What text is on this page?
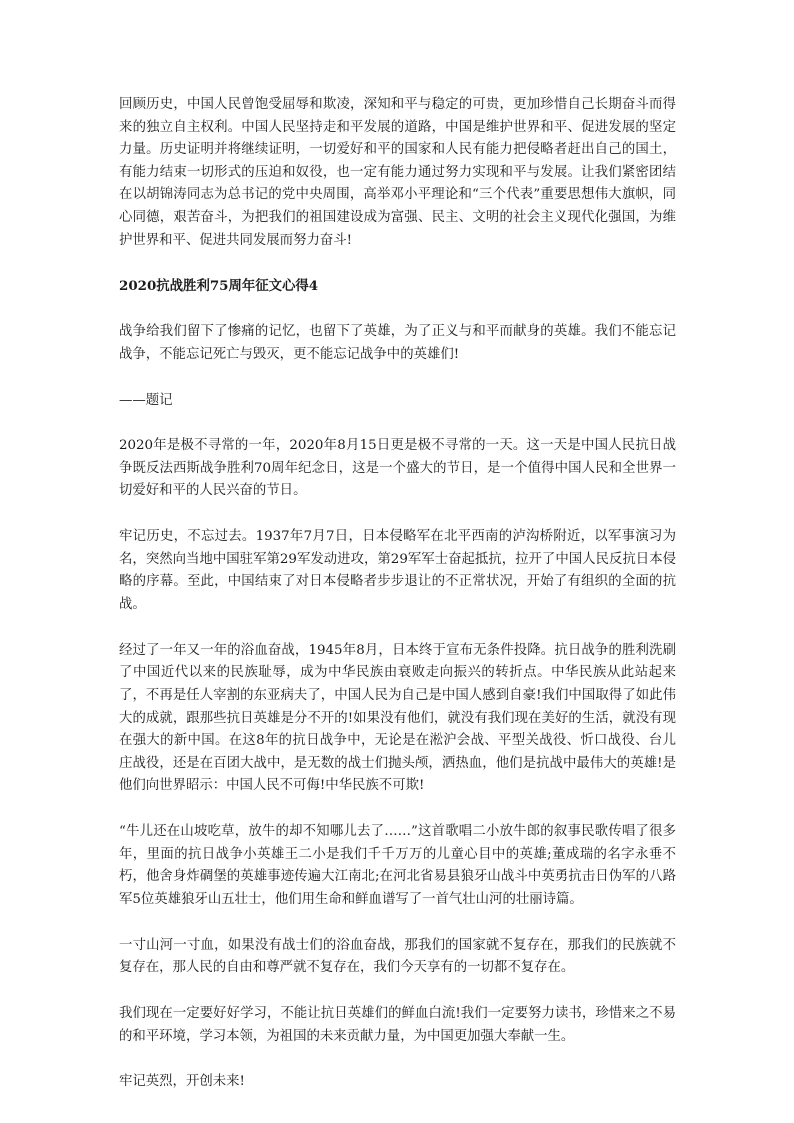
回顾历史，中国人民曾饱受屈辱和欺凌，深知和平与稳定的可贵，更加珍惜自己长期奋斗而得来的独立自主权利。中国人民坚持走和平发展的道路，中国是维护世界和平、促进发展的坚定力量。历史证明并将继续证明，一切爱好和平的国家和人民有能力把侵略者赶出自己的国土，有能力结束一切形式的压迫和奴役，也一定有能力通过努力实现和平与发展。让我们紧密团结在以胡锦涛同志为总书记的党中央周围，高举邓小平理论和“三个代表”重要思想伟大旗帜，同心同德，艰苦奋斗，为把我们的祖国建设成为富强、民主、文明的社会主义现代化强国，为维护世界和平、促进共同发展而努力奋斗!

2020抗战胜利75周年征文心得4

战争给我们留下了惨痛的记忆，也留下了英雄，为了正义与和平而献身的英雄。我们不能忘记战争，不能忘记死亡与毁灭，更不能忘记战争中的英雄们!

——题记

2020年是极不寻常的一年，2020年8月15日更是极不寻常的一天。这一天是中国人民抗日战争既反法西斯战争胜利70周年纪念日，这是一个盛大的节日，是一个值得中国人民和全世界一切爱好和平的人民兴奋的节日。

牢记历史，不忘过去。1937年7月7日，日本侵略军在北平西南的泸沟桥附近，以军事演习为名，突然向当地中国驻军第29军发动进攻，第29军军士奋起抵抗，拉开了中国人民反抗日本侵略的序幕。至此，中国结束了对日本侵略者步步退让的不正常状况，开始了有组织的全面的抗战。

经过了一年又一年的浴血奋战，1945年8月，日本终于宣布无条件投降。抗日战争的胜利洗刷了中国近代以来的民族耻辱，成为中华民族由衰败走向振兴的转折点。中华民族从此站起来了，不再是任人宰割的东亚病夫了，中国人民为自己是中国人感到自豪!我们中国取得了如此伟大的成就，跟那些抗日英雄是分不开的!如果没有他们，就没有我们现在美好的生活，就没有现在强大的新中国。在这8年的抗日战争中，无论是在淞沪会战、平型关战役、忻口战役、台儿庄战役，还是在百团大战中，是无数的战士们抛头颅，洒热血，他们是抗战中最伟大的英雄!是他们向世界昭示：中国人民不可侮!中华民族不可欺!

“牛儿还在山坡吃草，放牛的却不知哪儿去了……”这首歌唱二小放牛郎的叙事民歌传唱了很多年，里面的抗日战争小英雄王二小是我们千千万万的儿童心目中的英雄;董成瑞的名字永垂不朽，他舍身炸碉堡的英雄事迹传遍大江南北;在河北省易县狼牙山战斗中英勇抗击日伪军的八路军5位英雄狼牙山五壮士，他们用生命和鲜血谱写了一首气壮山河的壮丽诗篇。

一寸山河一寸血，如果没有战士们的浴血奋战，那我们的国家就不复存在，那我们的民族就不复存在，那人民的自由和尊严就不复存在，我们今天享有的一切都不复存在。

我们现在一定要好好学习，不能让抗日英雄们的鲜血白流!我们一定要努力读书，珍惜来之不易的和平环境，学习本领，为祖国的未来贡献力量，为中国更加强大奉献一生。

牢记英烈，开创未来!
